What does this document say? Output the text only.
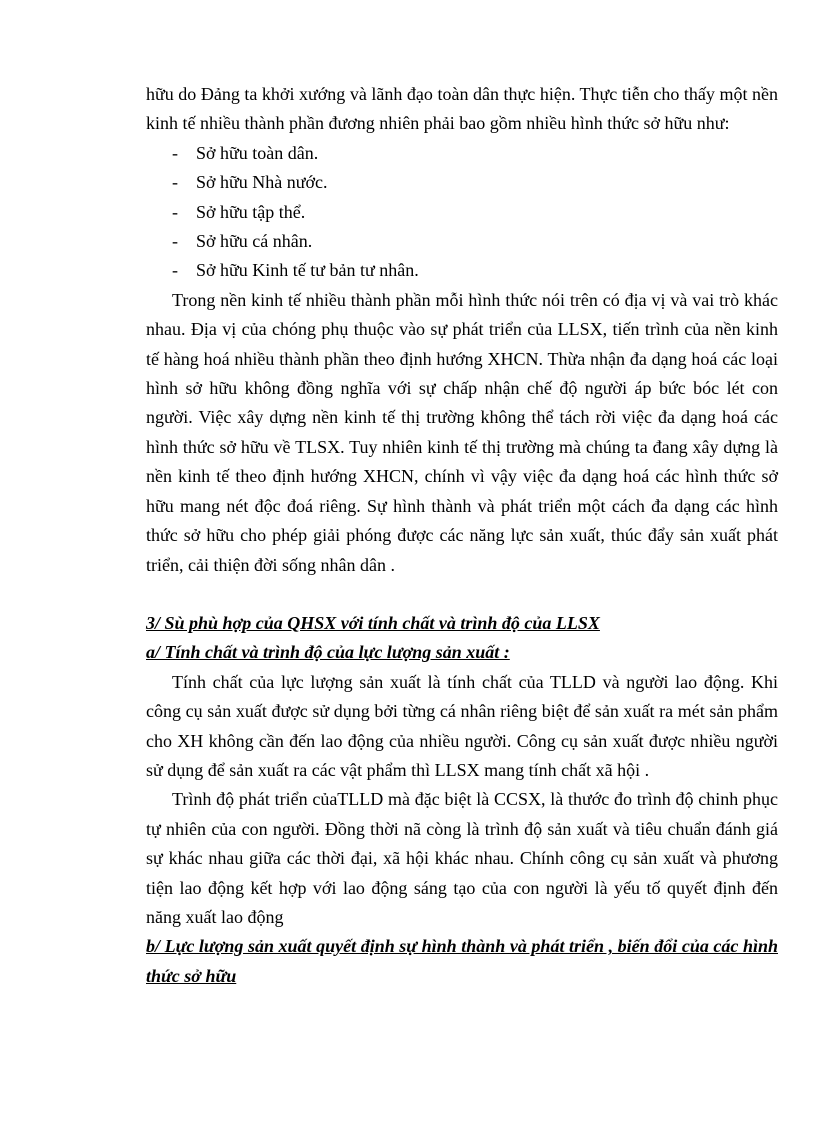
hữu do Đảng ta khởi xướng và lãnh đạo toàn dân thực hiện. Thực tiễn cho thấy một nền kinh tế nhiều thành phần đương nhiên phải bao gồm nhiều hình thức sở hữu như:

- Sở hữu toàn dân.
- Sở hữu Nhà nước.
- Sở hữu tập thể.
- Sở hữu cá nhân.
- Sở hữu Kinh tế tư bản tư nhân.

Trong nền kinh tế nhiều thành phần mỗi hình thức nói trên có địa vị và vai trò khác nhau. Địa vị của chóng phụ thuộc vào sự phát triển của LLSX, tiến trình của nền kinh tế hàng hoá nhiều thành phần theo định hướng XHCN. Thừa nhận đa dạng hoá các loại hình sở hữu không đồng nghĩa với sự chấp nhận chế độ người áp bức bóc lét con người. Việc xây dựng nền kinh tế thị trường không thể tách rời việc đa dạng hoá các hình thức sở hữu về TLSX. Tuy nhiên kinh tế thị trường mà chúng ta đang xây dựng là nền kinh tế theo định hướng XHCN, chính vì vậy việc đa dạng hoá các hình thức sở hữu mang nét độc đoá riêng. Sự hình thành và phát triển một cách đa dạng các hình thức sở hữu cho phép giải phóng được các năng lực sản xuất, thúc đẩy sản xuất phát triển, cải thiện đời sống nhân dân .

3/ Sù phù hợp của QHSX với tính chất và trình độ của LLSX

a/ Tính chất và trình độ của lực lượng sản xuất :

Tính chất của lực lượng sản xuất là tính chất của TLLD và người lao động. Khi công cụ sản xuất được sử dụng bởi từng cá nhân riêng biệt để sản xuất ra mét sản phẩm cho XH không cần đến lao động của nhiều người. Công cụ sản xuất được nhiều người sử dụng để sản xuất ra các vật phẩm thì LLSX mang tính chất xã hội .

Trình độ phát triển củaTLLD mà đặc biệt là CCSX, là thước đo trình độ chinh phục tự nhiên của con người. Đồng thời nã còng là trình độ sản xuất và tiêu chuẩn đánh giá sự khác nhau giữa các thời đại, xã hội khác nhau. Chính công cụ sản xuất và phương tiện lao động kết hợp với lao động sáng tạo của con người là yếu tố quyết định đến năng xuất lao động

b/ Lực lượng sản xuất quyết định sự hình thành và phát triển , biến đổi của các hình thức sở hữu
